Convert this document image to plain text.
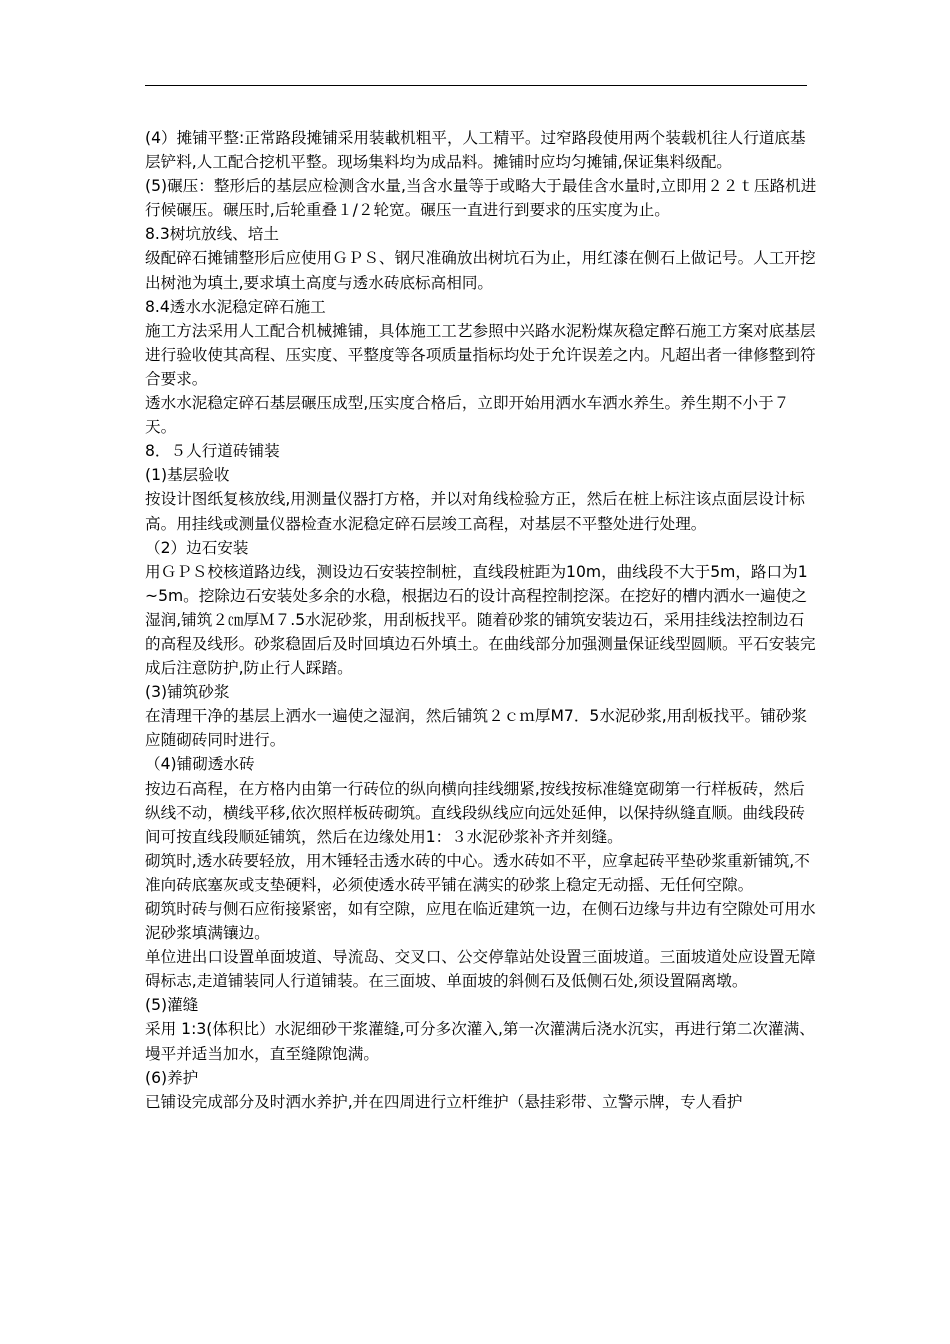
(4）摊铺平整:正常路段摊铺采用装載机粗平，人工精平。过窄路段使用两个装载机往人行道底基层铲料,人工配合挖机平整。现场集料均为成品料。摊铺时应均匀摊铺,保证集料级配。

(5)碾压：整形后的基层应检测含水量,当含水量等于或略大于最佳含水量时,立即用２２ｔ压路机进行候碾压。碾压时,后轮重叠１/２轮宽。碾压一直进行到要求的压实度为止。

8.3树坑放线、培土

级配碎石摊铺整形后应使用ＧＰＳ、钢尺准确放出树坑石为止，用红漆在侧石上做记号。人工开挖出树池为填土,要求填土高度与透水砖底标高相同。

8.4透水水泥稳定碎石施工

施工方法采用人工配合机械摊铺，具体施工工艺参照中兴路水泥粉煤灰稳定醉石施工方案对底基层进行验收使其高程、压实度、平整度等各项质量指标均处于允许误差之内。凡超出者一律修整到符合要求。

透水水泥稳定碎石基层碾压成型,压实度合格后，立即开始用洒水车洒水养生。养生期不小于７天。

8．５人行道砖铺装

(1)基层验收

按设计图纸复核放线,用测量仪器打方格，并以对角线检验方正，然后在桩上标注该点面层设计标高。用挂线或测量仪器检查水泥稳定碎石层竣工高程，对基层不平整处进行处理。

（2）边石安装

用ＧＰＳ校核道路边线，测设边石安装控制桩，直线段桩距为10m，曲线段不大于5m，路口为1~5m。挖除边石安装处多余的水稳，根据边石的设计高程控制挖深。在挖好的槽内洒水一遍使之湿润,铺筑２㎝厚Ｍ７.5水泥砂浆，用刮板找平。随着砂浆的铺筑安装边石，采用挂线法控制边石的高程及线形。砂浆稳固后及时回填边石外填土。在曲线部分加强测量保证线型圆顺。平石安装完成后注意防护,防止行人踩踏。

(3)铺筑砂浆

在清理干净的基层上洒水一遍使之湿润，然后铺筑２ｃｍ厚M7．5水泥砂浆,用刮板找平。铺砂浆应随砌砖同时进行。

（4)铺砌透水砖

按边石高程，在方格内由第一行砖位的纵向横向挂线绷紧,按线按标准缝宽砌第一行样板砖，然后纵线不动，横线平移,依次照样板砖砌筑。直线段纵线应向远处延伸，以保持纵缝直顺。曲线段砖间可按直线段顺延铺筑，然后在边缘处用1：３水泥砂浆补齐并刻缝。

砌筑时,透水砖要轻放，用木锤轻击透水砖的中心。透水砖如不平，应拿起砖平垫砂浆重新铺筑,不准向砖底塞灰或支垫硬料，必须使透水砖平铺在满实的砂浆上稳定无动摇、无任何空隙。

砌筑时砖与侧石应衔接紧密，如有空隙，应甩在临近建筑一边，在侧石边缘与井边有空隙处可用水泥砂浆填满镶边。

单位进出口设置单面坡道、导流岛、交叉口、公交停靠站处设置三面坡道。三面坡道处应设置无障碍标志,走道铺装同人行道铺装。在三面坡、单面坡的斜侧石及低侧石处,须设置隔离墩。

(5)灌缝

采用 1:3(体积比）水泥细砂干浆灌缝,可分多次灌入,第一次灌满后浇水沉实，再进行第二次灌满、墁平并适当加水，直至缝隙饱满。

(6)养护

已铺设完成部分及时洒水养护,并在四周进行立杆维护（悬挂彩带、立警示牌，专人看护
